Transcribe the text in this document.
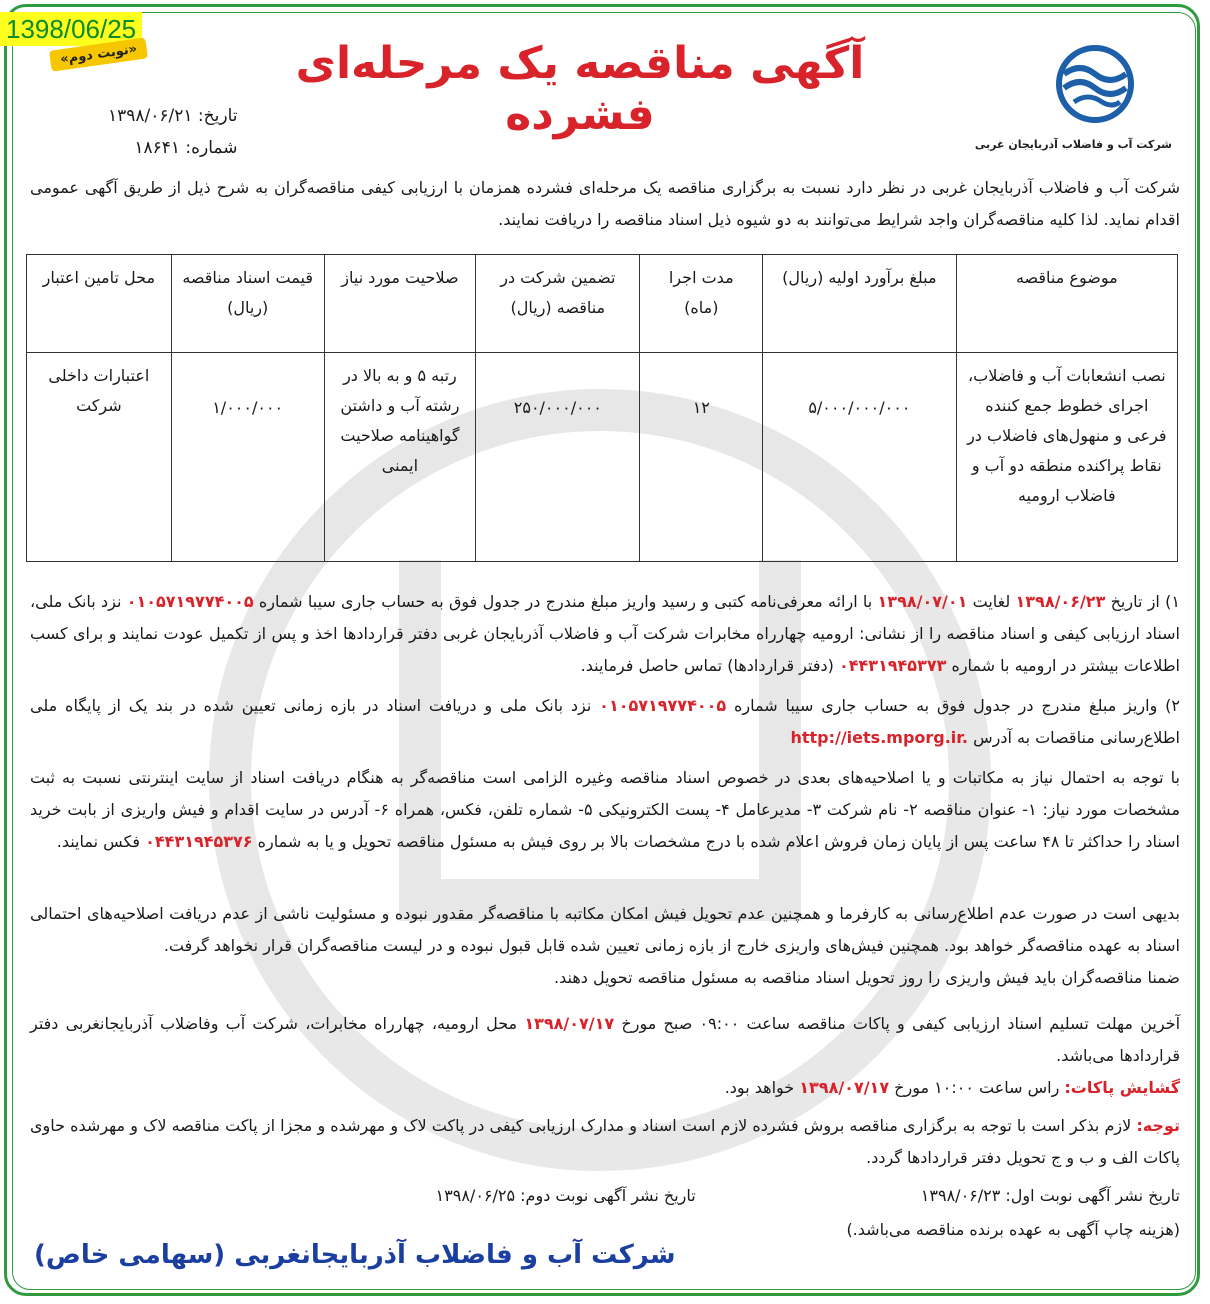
1398/06/25
«نوبت دوم»	آگهی مناقصه یک مرحله‌ای فشرده
شرکت آب و فاضلاب آذربایجان غربی
تاریخ: ۱۳۹۸/۰۶/۲۱
شماره: ۱۸۶۴۱

شرکت آب و فاضلاب آذربایجان غربی در نظر دارد نسبت به برگزاری مناقصه یک مرحله‌ای فشرده همزمان با ارزیابی کیفی مناقصه‌گران به شرح ذیل از طریق آگهی عمومی اقدام نماید. لذا کلیه مناقصه‌گران واجد شرایط می‌توانند به دو شیوه ذیل اسناد مناقصه را دریافت نمایند.

موضوع مناقصه	مبلغ برآورد اولیه (ریال)	مدت اجرا (ماه)	تضمین شرکت در مناقصه (ریال)	صلاحیت مورد نیاز	قیمت اسناد مناقصه (ریال)	محل تامین اعتبار
نصب انشعابات آب و فاضلاب، اجرای خطوط جمع کننده فرعی و منهول‌های فاضلاب در نقاط پراکنده منطقه دو آب و فاضلاب ارومیه	۵/۰۰۰/۰۰۰/۰۰۰	۱۲	۲۵۰/۰۰۰/۰۰۰	رتبه ۵ و به بالا در رشته آب و داشتن گواهینامه صلاحیت ایمنی	۱/۰۰۰/۰۰۰	اعتبارات داخلی شرکت

۱) از تاریخ ۱۳۹۸/۰۶/۲۳ لغایت ۱۳۹۸/۰۷/۰۱ با ارائه معرفی‌نامه کتبی و رسید واریز مبلغ مندرج در جدول فوق به حساب جاری سیبا شماره ۰۱۰۵۷۱۹۷۷۴۰۰۵ نزد بانک ملی، اسناد ارزیابی کیفی و اسناد مناقصه را از نشانی: ارومیه چهارراه مخابرات شرکت آب و فاضلاب آذربایجان غربی دفتر قراردادها اخذ و پس از تکمیل عودت نمایند و برای کسب اطلاعات بیشتر در ارومیه با شماره ۰۴۴۳۱۹۴۵۳۷۳ (دفتر قراردادها) تماس حاصل فرمایند.

۲) واریز مبلغ مندرج در جدول فوق به حساب جاری سیبا شماره ۰۱۰۵۷۱۹۷۷۴۰۰۵ نزد بانک ملی و دریافت اسناد در بازه زمانی تعیین شده در بند یک از پایگاه ملی اطلاع‌رسانی مناقصات به آدرس http://iets.mporg.ir.

با توجه به احتمال نیاز به مکاتبات و یا اصلاحیه‌های بعدی در خصوص اسناد مناقصه وغیره الزامی است مناقصه‌گر به هنگام دریافت اسناد از سایت اینترنتی نسبت به ثبت مشخصات مورد نیاز: ۱- عنوان مناقصه ۲- نام شرکت ۳- مدیرعامل ۴- پست الکترونیکی ۵- شماره تلفن، فکس، همراه ۶- آدرس در سایت اقدام و فیش واریزی از بابت خرید اسناد را حداکثر تا ۴۸ ساعت پس از پایان زمان فروش اعلام شده با درج مشخصات بالا بر روی فیش به مسئول مناقصه تحویل و یا به شماره ۰۴۴۳۱۹۴۵۳۷۶ فکس نمایند.

بدیهی است در صورت عدم اطلاع‌رسانی به کارفرما و همچنین عدم تحویل فیش امکان مکاتبه با مناقصه‌گر مقدور نبوده و مسئولیت ناشی از عدم دریافت اصلاحیه‌های احتمالی اسناد به عهده مناقصه‌گر خواهد بود. همچنین فیش‌های واریزی خارج از بازه زمانی تعیین شده قابل قبول نبوده و در لیست مناقصه‌گران قرار نخواهد گرفت.

ضمنا مناقصه‌گران باید فیش واریزی را روز تحویل اسناد مناقصه به مسئول مناقصه تحویل دهند.

آخرین مهلت تسلیم اسناد ارزیابی کیفی و پاکات مناقصه ساعت ۰۹:۰۰ صبح مورخ ۱۳۹۸/۰۷/۱۷ محل ارومیه، چهارراه مخابرات، شرکت آب وفاضلاب آذربایجانغربی دفتر قراردادها می‌باشد.

گشایش پاکات: راس ساعت ۱۰:۰۰ مورخ ۱۳۹۸/۰۷/۱۷ خواهد بود.

توجه: لازم بذکر است با توجه به برگزاری مناقصه بروش فشرده لازم است اسناد و مدارک ارزیابی کیفی در پاکت لاک و مهرشده و مجزا از پاکت مناقصه لاک و مهرشده حاوی پاکات الف و ب و ج تحویل دفتر قراردادها گردد.

تاریخ نشر آگهی نوبت اول: ۱۳۹۸/۰۶/۲۳ تاریخ نشر آگهی نوبت دوم: ۱۳۹۸/۰۶/۲۵

(هزینه چاپ آگهی به عهده برنده مناقصه می‌باشد.)

شرکت آب و فاضلاب آذربایجانغربی (سهامی خاص)
